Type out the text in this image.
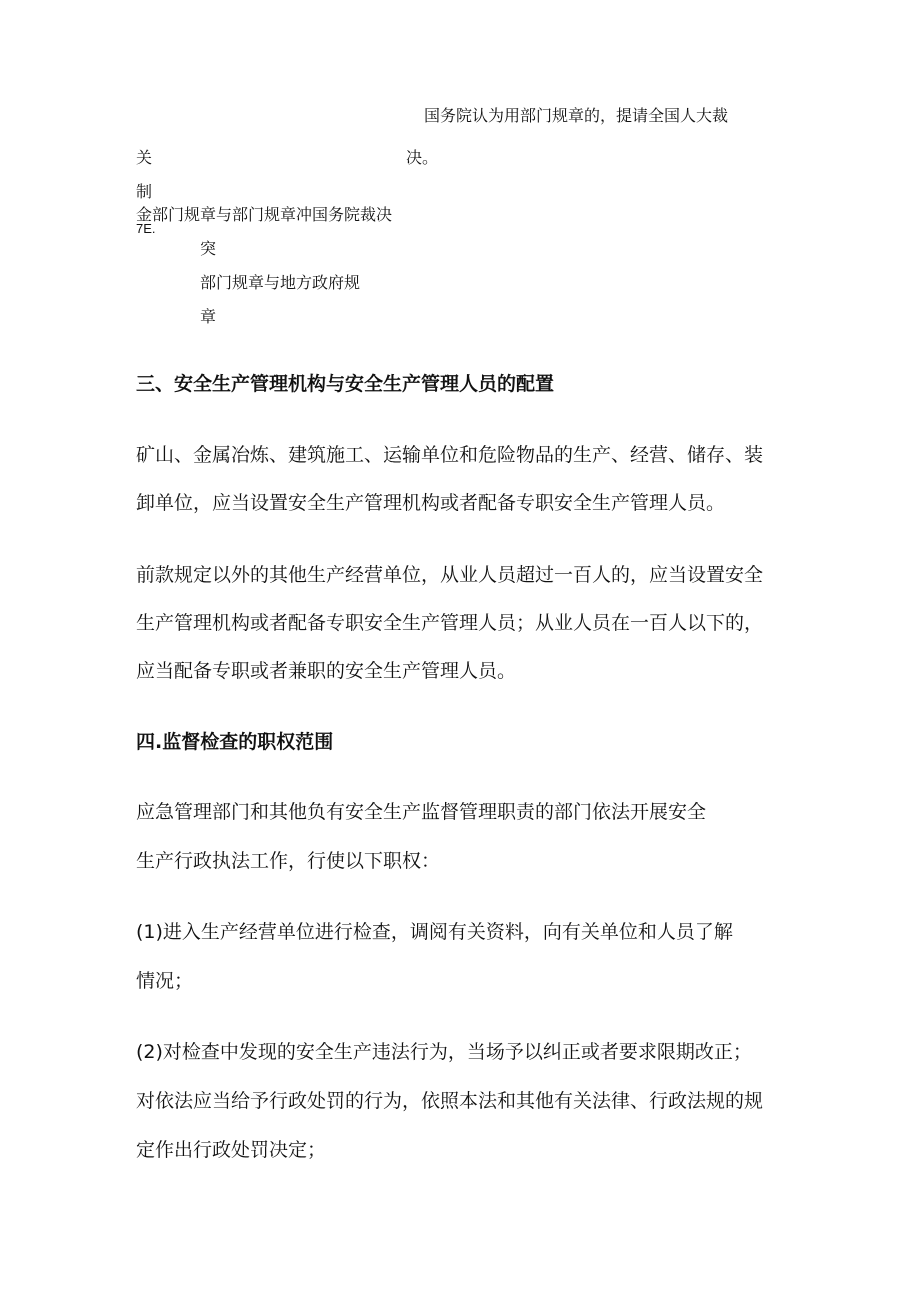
国务院认为用部门规章的，提请全国人大裁
关	决。
制
金部门规章与部门规章冲国务院裁决
7E.
突
部门规章与地方政府规
章
三、安全生产管理机构与安全生产管理人员的配置
矿山、金属冶炼、建筑施工、运输单位和危险物品的生产、经营、储存、装
卸单位，应当设置安全生产管理机构或者配备专职安全生产管理人员。
前款规定以外的其他生产经营单位，从业人员超过一百人的，应当设置安全
生产管理机构或者配备专职安全生产管理人员；从业人员在一百人以下的，
应当配备专职或者兼职的安全生产管理人员。
四.监督检查的职权范围
应急管理部门和其他负有安全生产监督管理职责的部门依法开展安全
生产行政执法工作，行使以下职权：
(1)进入生产经营单位进行检查，调阅有关资料，向有关单位和人员了解
情况；
(2)对检查中发现的安全生产违法行为，当场予以纠正或者要求限期改正；
对依法应当给予行政处罚的行为，依照本法和其他有关法律、行政法规的规
定作出行政处罚决定；
